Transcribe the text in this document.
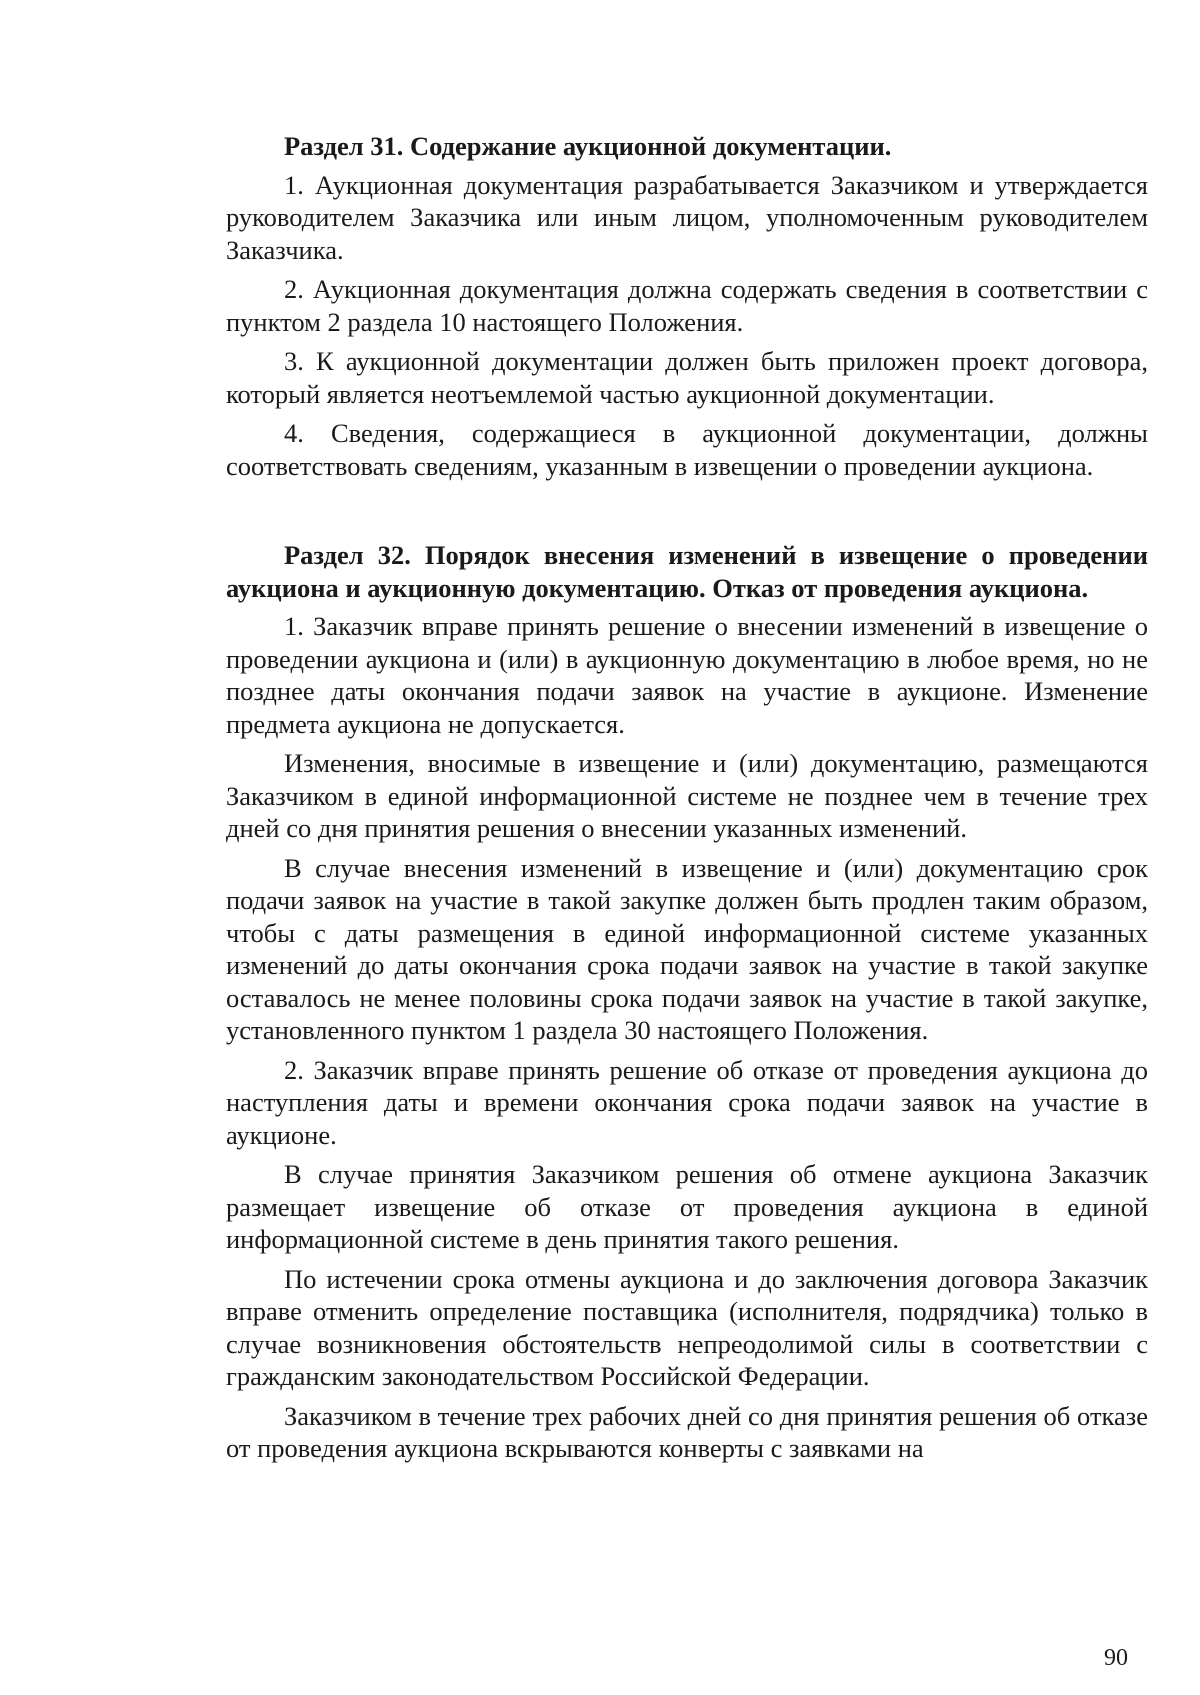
Раздел 31. Содержание аукционной документации.

1. Аукционная документация разрабатывается Заказчиком и утверждается руководителем Заказчика или иным лицом, уполномоченным руководителем Заказчика.

2. Аукционная документация должна содержать сведения в соответствии с пунктом 2 раздела 10 настоящего Положения.

3. К аукционной документации должен быть приложен проект договора, который является неотъемлемой частью аукционной документации.

4. Сведения, содержащиеся в аукционной документации, должны соответствовать сведениям, указанным в извещении о проведении аукциона.

Раздел 32. Порядок внесения изменений в извещение о проведении аукциона и аукционную документацию. Отказ от проведения аукциона.

1. Заказчик вправе принять решение о внесении изменений в извещение о проведении аукциона и (или) в аукционную документацию в любое время, но не позднее даты окончания подачи заявок на участие в аукционе. Изменение предмета аукциона не допускается.

Изменения, вносимые в извещение и (или) документацию, размещаются Заказчиком в единой информационной системе не позднее чем в течение трех дней со дня принятия решения о внесении указанных изменений.

В случае внесения изменений в извещение и (или) документацию срок подачи заявок на участие в такой закупке должен быть продлен таким образом, чтобы с даты размещения в единой информационной системе указанных изменений до даты окончания срока подачи заявок на участие в такой закупке оставалось не менее половины срока подачи заявок на участие в такой закупке, установленного пунктом 1 раздела 30 настоящего Положения.

2. Заказчик вправе принять решение об отказе от проведения аукциона до наступления даты и времени окончания срока подачи заявок на участие в аукционе.

В случае принятия Заказчиком решения об отмене аукциона Заказчик размещает извещение об отказе от проведения аукциона в единой информационной системе в день принятия такого решения.

По истечении срока отмены аукциона и до заключения договора Заказчик вправе отменить определение поставщика (исполнителя, подрядчика) только в случае возникновения обстоятельств непреодолимой силы в соответствии с гражданским законодательством Российской Федерации.

Заказчиком в течение трех рабочих дней со дня принятия решения об отказе от проведения аукциона вскрываются конверты с заявками на

90
